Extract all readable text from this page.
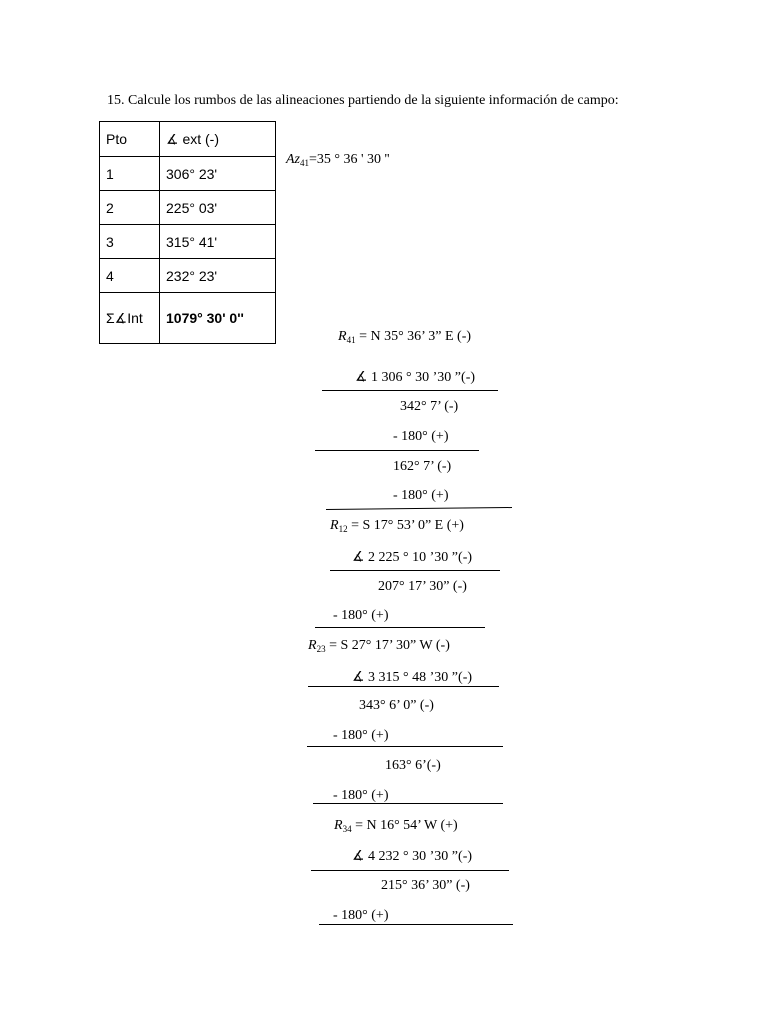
15. Calcule los rumbos de las alineaciones partiendo de la siguiente información de campo:
Pto	∡ ext (-)
1	306° 23'
2	225° 03'
3	315° 41'
4	232° 23'
Σ∡Int	1079° 30' 0''
$Az_{41}=35$ ° 36 ' 30 ''
$R_{41} = N$ 35° 36’ 3” E (-)
∡ 1 306 ° 30 ’30 ”(-)
342° 7’ (-)
- 180° (+)
162° 7’ (-)
- 180° (+)
$R_{12} = S$ 17° 53’ 0” E (+)
∡ 2 225 ° 10 ’30 ”(-)
207° 17’ 30” (-)
- 180° (+)
$R_{23} = S$ 27° 17’ 30” W (-)
∡ 3 315 ° 48 ’30 ”(-)
343° 6’ 0” (-)
- 180° (+)
163° 6’(-)
- 180° (+)
$R_{34} = N$ 16° 54’ W (+)
∡ 4 232 ° 30 ’30 ”(-)
215° 36’ 30” (-)
- 180° (+)
